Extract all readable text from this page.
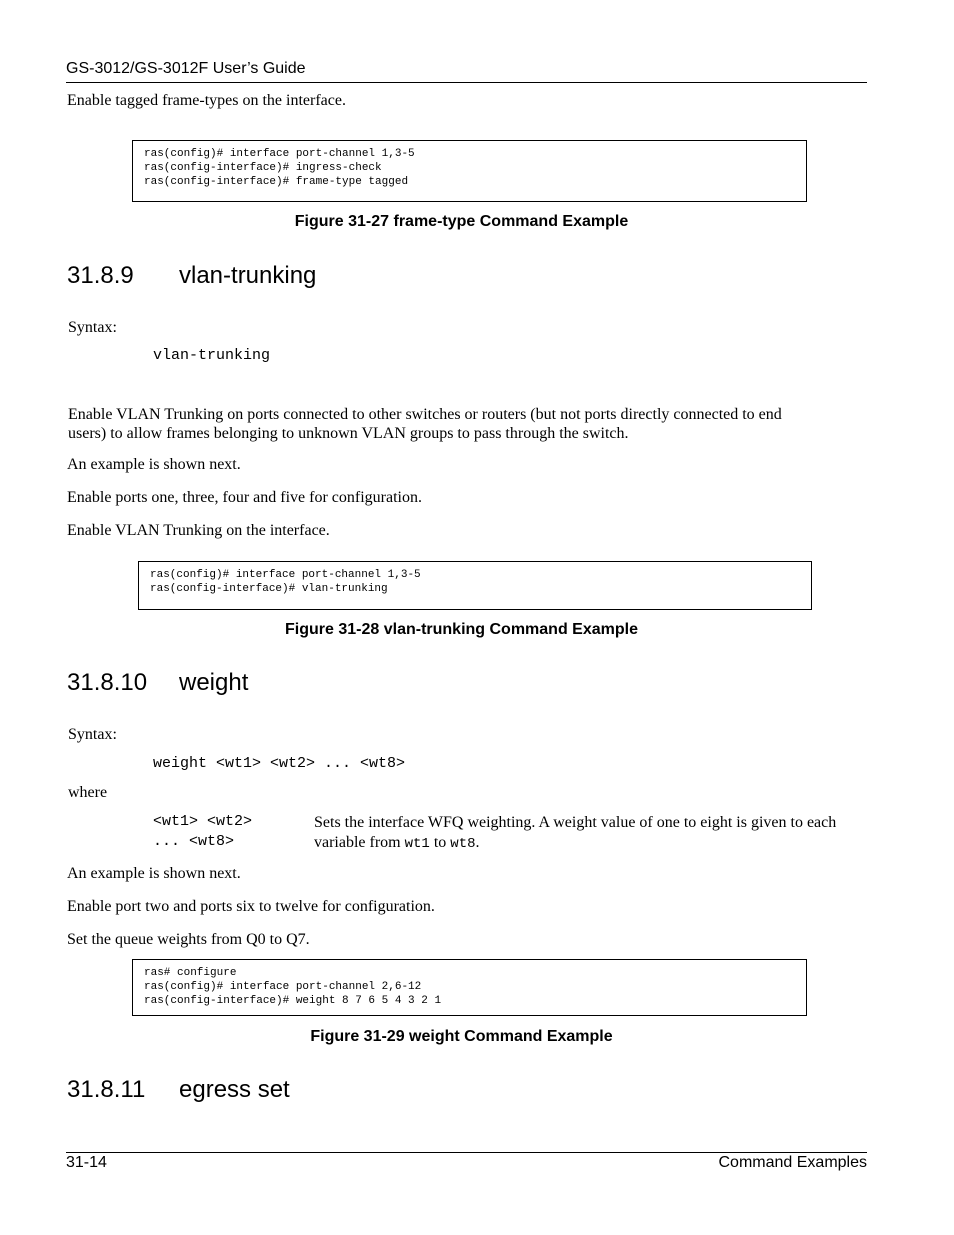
GS-3012/GS-3012F User’s Guide
Enable tagged frame-types on the interface.
ras(config)# interface port-channel 1,3-5
ras(config-interface)# ingress-check
ras(config-interface)# frame-type tagged
Figure 31-27 frame-type Command Example
31.8.9 vlan-trunking
Syntax:
vlan-trunking
Enable VLAN Trunking on ports connected to other switches or routers (but not ports directly connected to end
users) to allow frames belonging to unknown VLAN groups to pass through the switch.
An example is shown next.
Enable ports one, three, four and five for configuration.
Enable VLAN Trunking on the interface.
ras(config)# interface port-channel 1,3-5
ras(config-interface)# vlan-trunking
Figure 31-28 vlan-trunking Command Example
31.8.10 weight
Syntax:
weight <wt1> <wt2> ... <wt8>
where
<wt1> <wt2>
... <wt8>
Sets the interface WFQ weighting. A weight value of one to eight is given to each variable from wt1 to wt8.
An example is shown next.
Enable port two and ports six to twelve for configuration.
Set the queue weights from Q0 to Q7.
ras# configure
ras(config)# interface port-channel 2,6-12
ras(config-interface)# weight 8 7 6 5 4 3 2 1
Figure 31-29 weight Command Example
31.8.11 egress set
31-14	Command Examples
